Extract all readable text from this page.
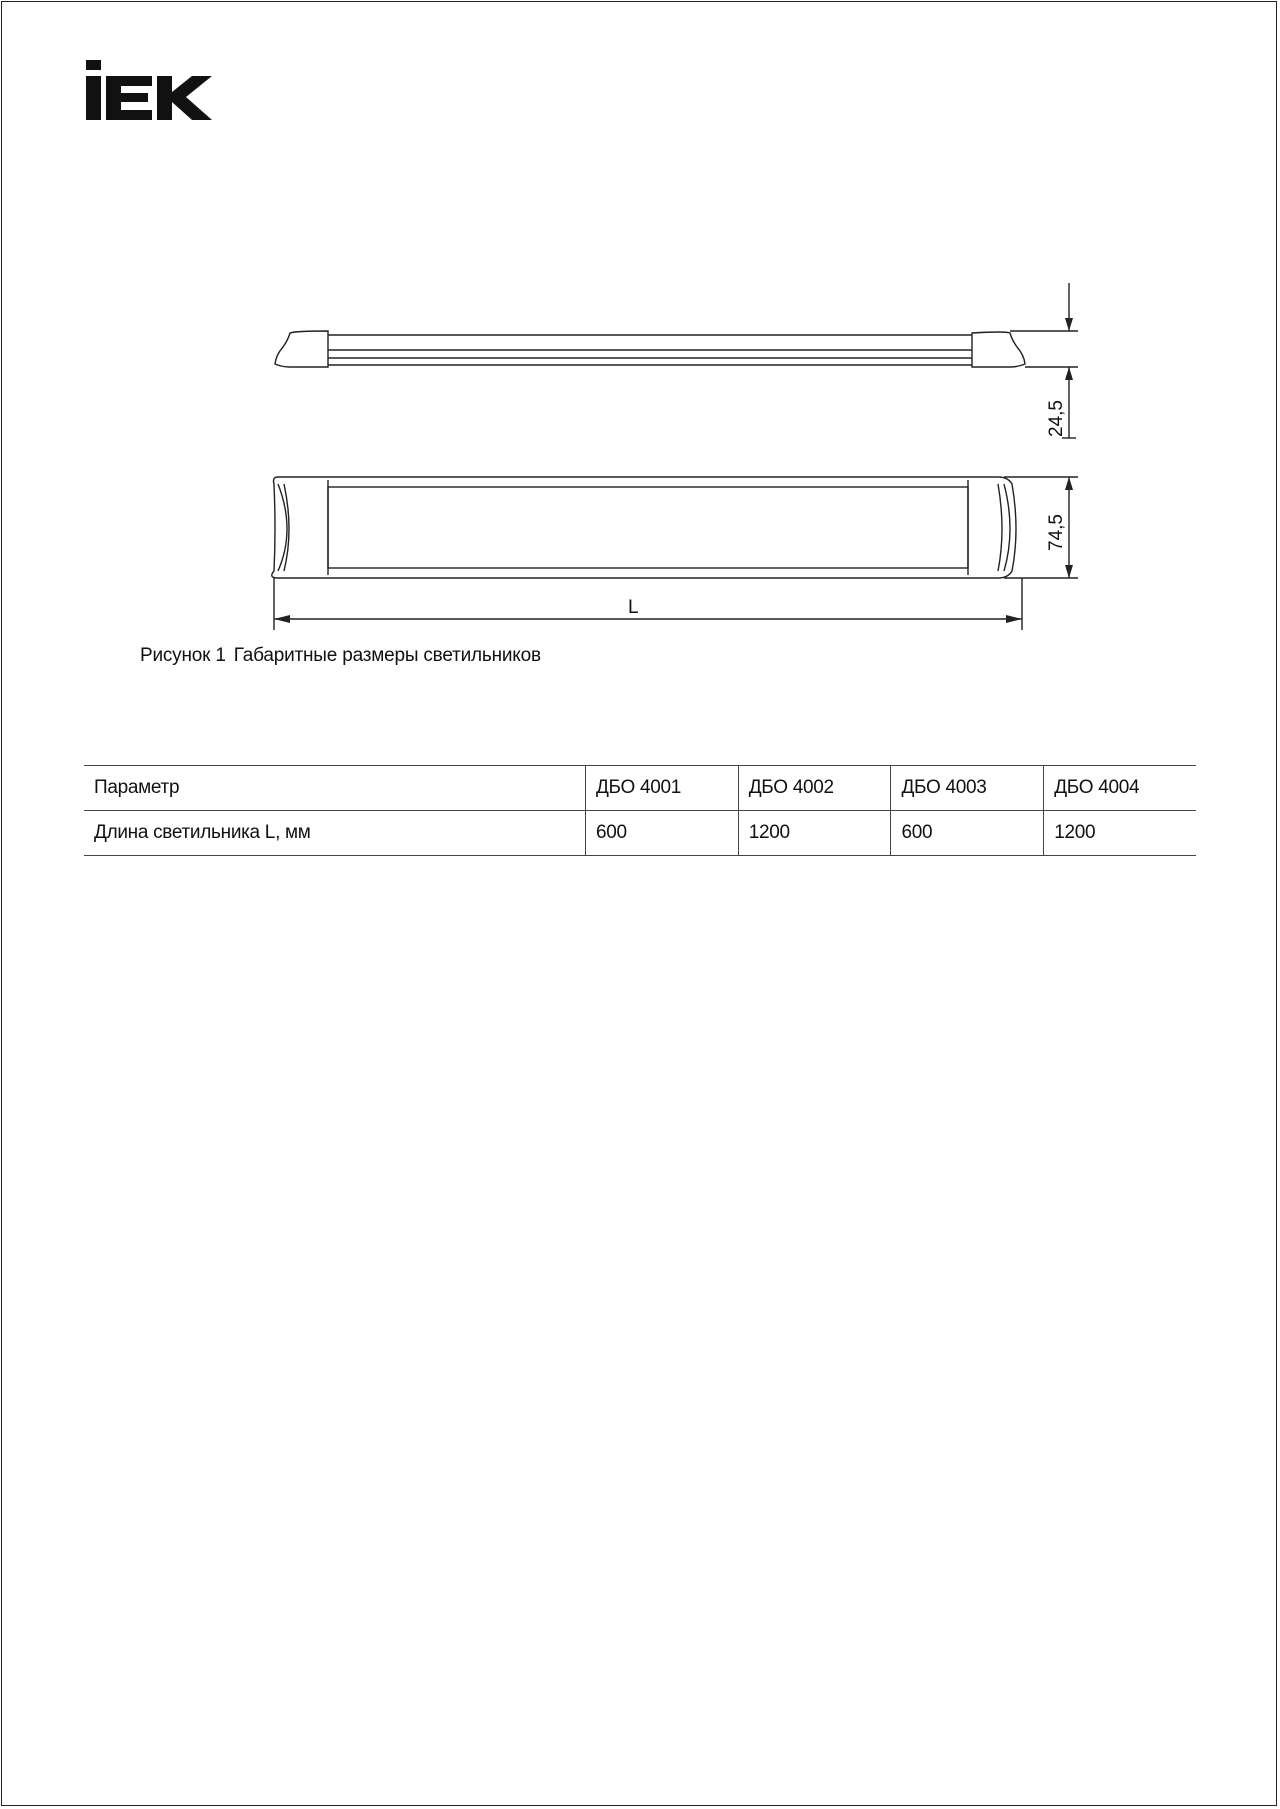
24,5
74,5
L
Рисунок 1 Габаритные размеры светильников
Параметр	ДБО 4001	ДБО 4002	ДБО 4003	ДБО 4004
Длина светильника L, мм	600	1200	600	1200
